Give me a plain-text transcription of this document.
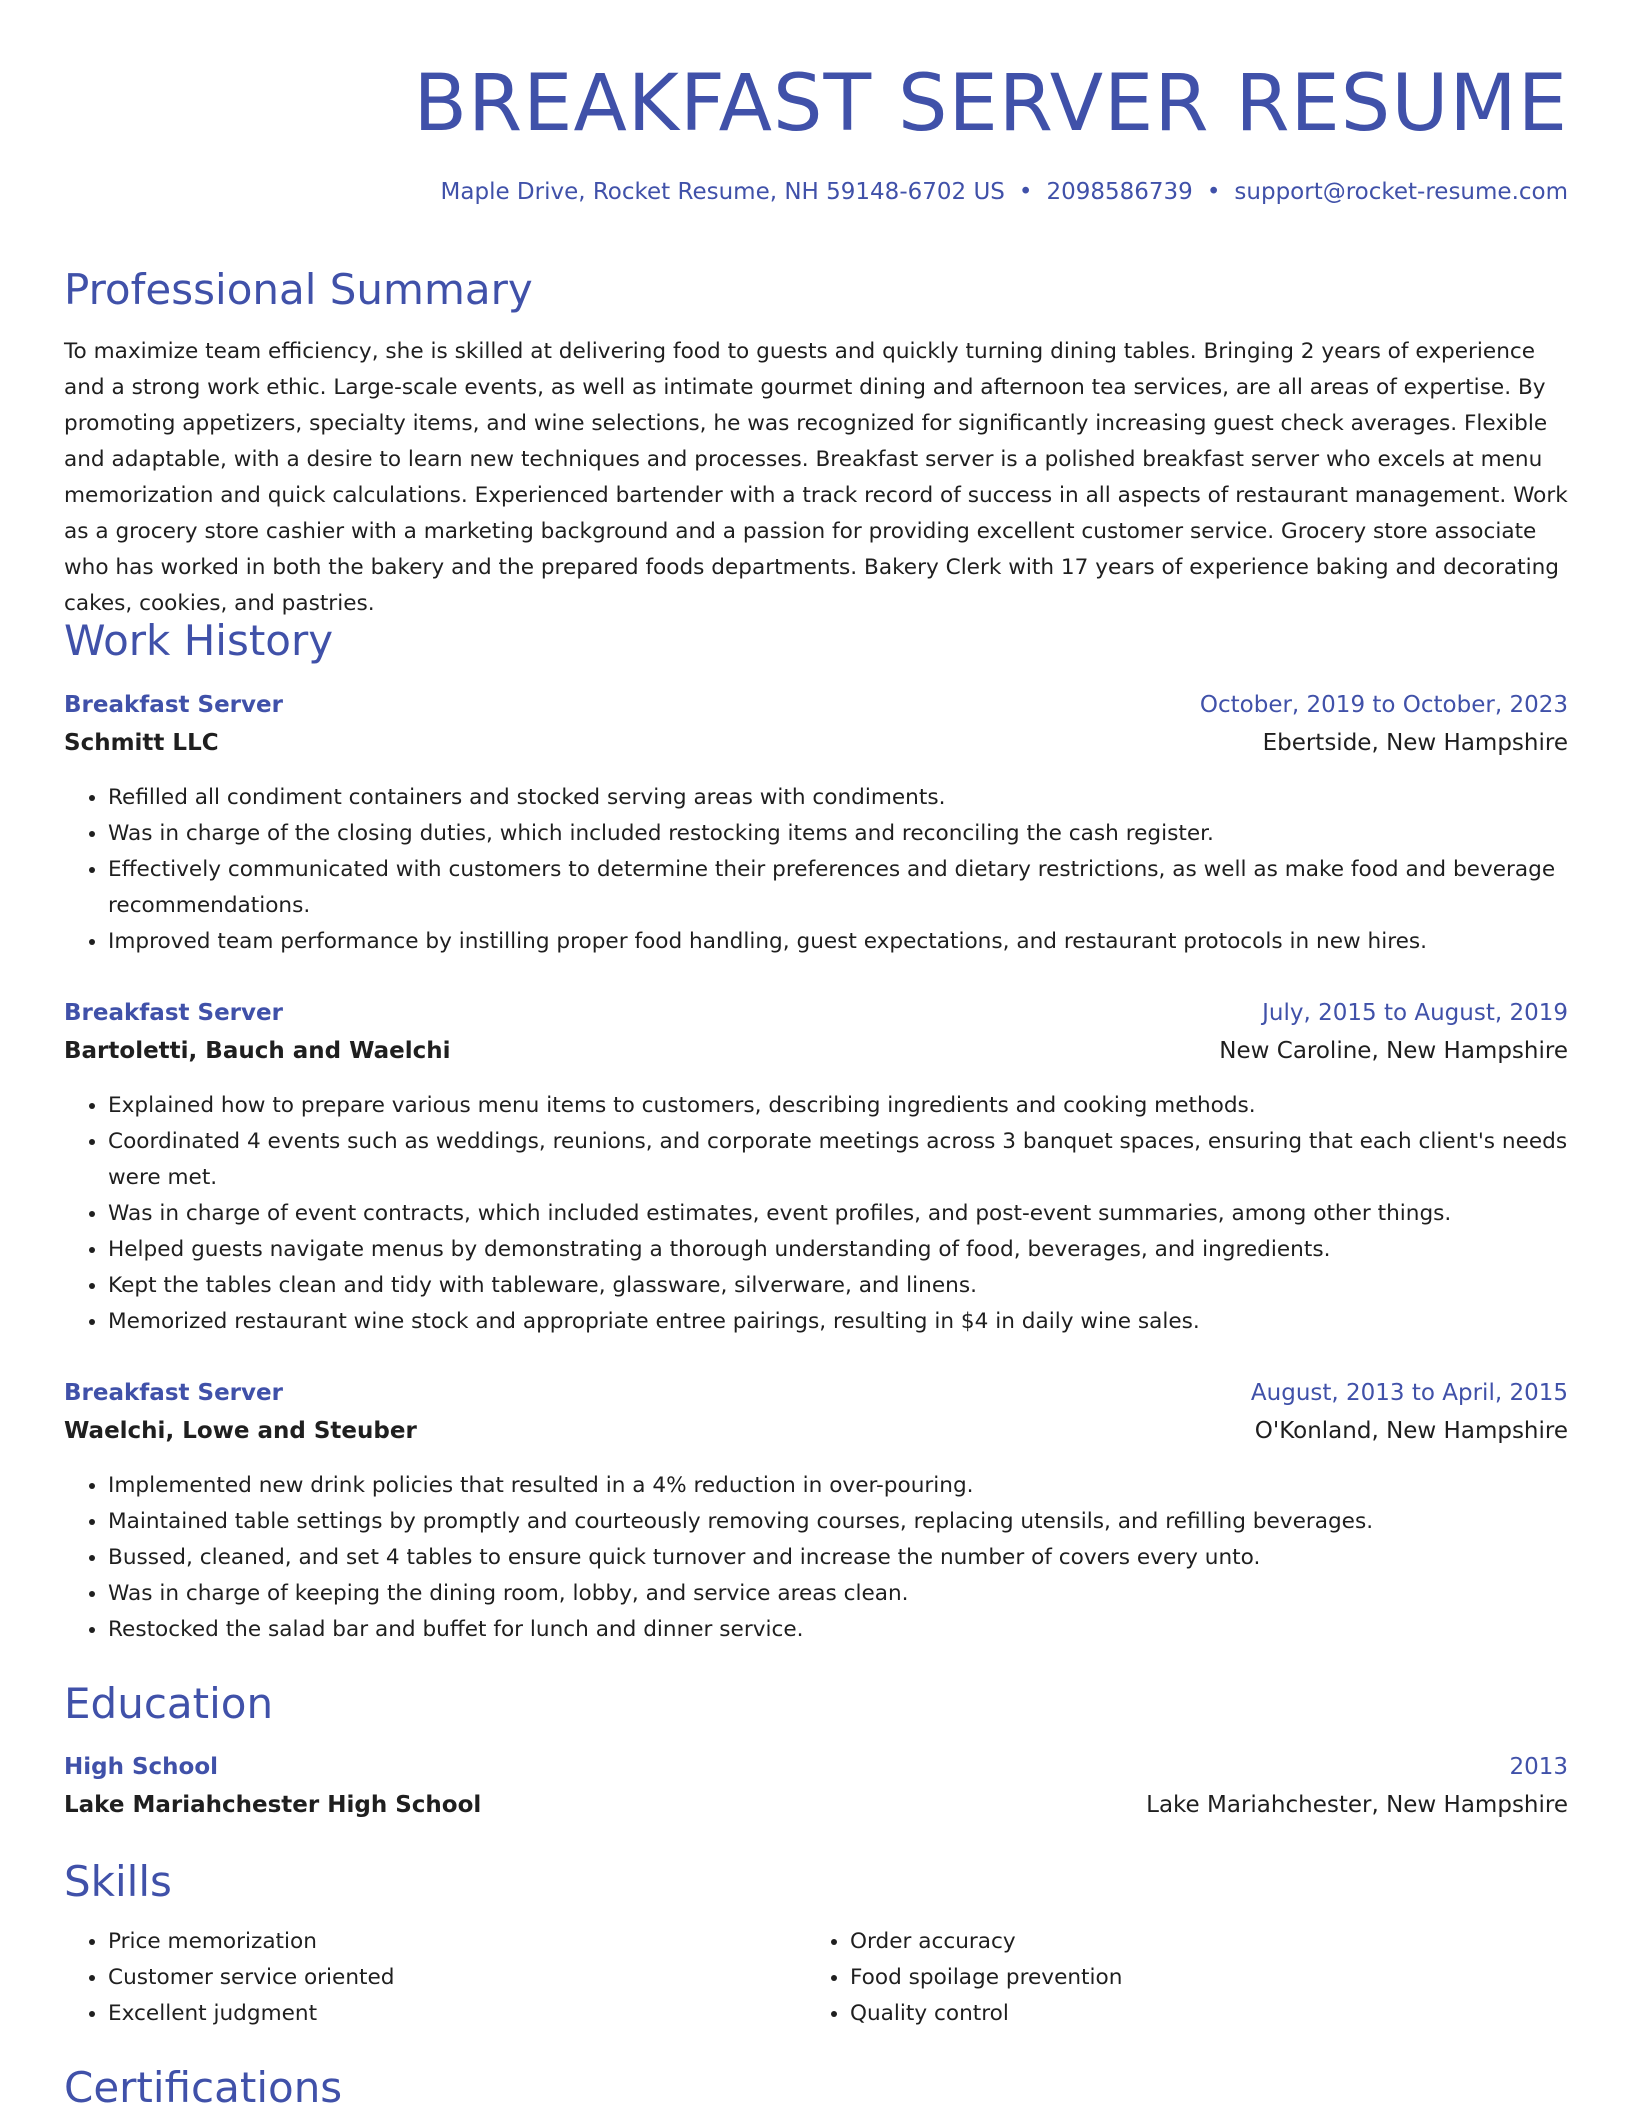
BREAKFAST SERVER RESUME
Maple Drive, Rocket Resume, NH 59148-6702 US • 2098586739 • support@rocket-resume.com
Professional Summary

To maximize team efficiency, she is skilled at delivering food to guests and quickly turning dining tables. Bringing 2 years of experience and a strong work ethic. Large-scale events, as well as intimate gourmet dining and afternoon tea services, are all areas of expertise. By promoting appetizers, specialty items, and wine selections, he was recognized for significantly increasing guest check averages. Flexible and adaptable, with a desire to learn new techniques and processes. Breakfast server is a polished breakfast server who excels at menu memorization and quick calculations. Experienced bartender with a track record of success in all aspects of restaurant management. Work as a grocery store cashier with a marketing background and a passion for providing excellent customer service. Grocery store associate who has worked in both the bakery and the prepared foods departments. Bakery Clerk with 17 years of experience baking and decorating cakes, cookies, and pastries.

Work History
Breakfast Server	October, 2019 to October, 2023
Schmitt LLC	Ebertside, New Hampshire
• Refilled all condiment containers and stocked serving areas with condiments.
• Was in charge of the closing duties, which included restocking items and reconciling the cash register.
• Effectively communicated with customers to determine their preferences and dietary restrictions, as well as make food and beverage recommendations.
• Improved team performance by instilling proper food handling, guest expectations, and restaurant protocols in new hires.
Breakfast Server	July, 2015 to August, 2019
Bartoletti, Bauch and Waelchi	New Caroline, New Hampshire
• Explained how to prepare various menu items to customers, describing ingredients and cooking methods.
• Coordinated 4 events such as weddings, reunions, and corporate meetings across 3 banquet spaces, ensuring that each client's needs were met.
• Was in charge of event contracts, which included estimates, event profiles, and post-event summaries, among other things.
• Helped guests navigate menus by demonstrating a thorough understanding of food, beverages, and ingredients.
• Kept the tables clean and tidy with tableware, glassware, silverware, and linens.
• Memorized restaurant wine stock and appropriate entree pairings, resulting in $4 in daily wine sales.
Breakfast Server	August, 2013 to April, 2015
Waelchi, Lowe and Steuber	O'Konland, New Hampshire
• Implemented new drink policies that resulted in a 4% reduction in over-pouring.
• Maintained table settings by promptly and courteously removing courses, replacing utensils, and refilling beverages.
• Bussed, cleaned, and set 4 tables to ensure quick turnover and increase the number of covers every unto.
• Was in charge of keeping the dining room, lobby, and service areas clean.
• Restocked the salad bar and buffet for lunch and dinner service.
Education
High School	2013
Lake Mariahchester High School	Lake Mariahchester, New Hampshire
Skills
• Price memorization
• Customer service oriented
• Excellent judgment
• Order accuracy
• Food spoilage prevention
• Quality control
Certifications
